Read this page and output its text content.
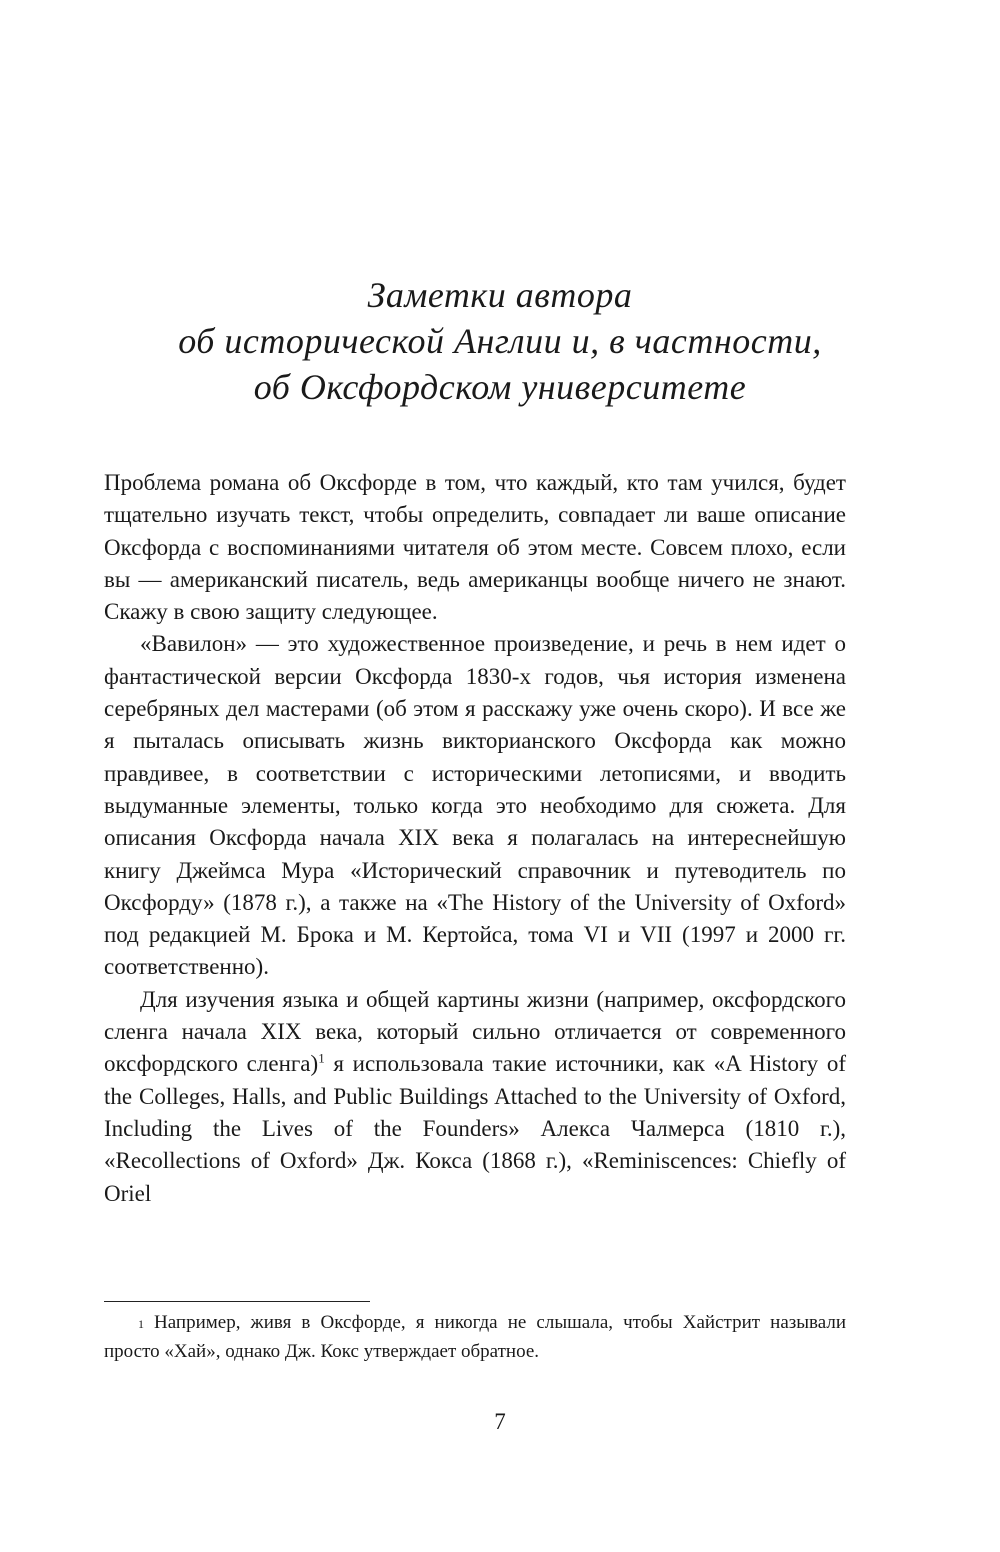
Заметки автора
об исторической Англии и, в частности,
об Оксфордском университете

Проблема романа об Оксфорде в том, что каждый, кто там учился, будет тщательно изучать текст, чтобы определить, совпадает ли ваше описание Оксфорда с воспоминаниями читателя об этом месте. Совсем плохо, если вы — американский писатель, ведь американцы вообще ничего не знают. Скажу в свою защиту следующее.

«Вавилон» — это художественное произведение, и речь в нем идет о фантастической версии Оксфорда 1830-х годов, чья история изменена серебряных дел мастерами (об этом я расскажу уже очень скоро). И все же я пыталась описывать жизнь викторианского Оксфорда как можно правдивее, в соответствии с историческими летописями, и вводить выдуманные элементы, только когда это необходимо для сюжета. Для описания Оксфорда начала XIX века я полагалась на интереснейшую книгу Джеймса Мура «Исторический справочник и путеводитель по Оксфорду» (1878 г.), а также на «The History of the University of Oxford» под редакцией М. Брока и М. Кертойса, тома VI и VII (1997 и 2000 гг. соответственно).

Для изучения языка и общей картины жизни (например, оксфордского сленга начала XIX века, который сильно отличается от современного оксфордского сленга)$^1$ я использовала такие источники, как «A History of the Colleges, Halls, and Public Buildings Attached to the University of Oxford, Including the Lives of the Founders» Алекса Чалмерса (1810 г.), «Recollections of Oxford» Дж. Кокса (1868 г.), «Reminiscences: Chiefly of Oriel

$^1$ Например, живя в Оксфорде, я никогда не слышала, чтобы Хайстрит называли просто «Хай», однако Дж. Кокс утверждает обратное.
7
